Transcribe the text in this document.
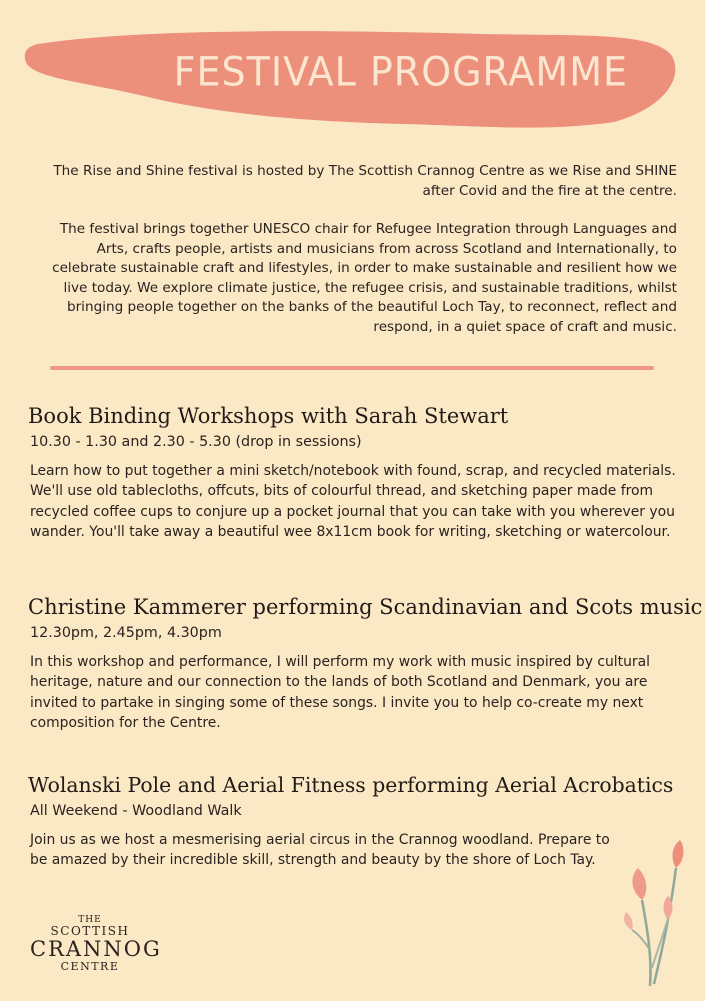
FESTIVAL PROGRAMME
The Rise and Shine festival is hosted by The Scottish Crannog Centre as we Rise and SHINE after Covid and the fire at the centre.
The festival brings together UNESCO chair for Refugee Integration through Languages and Arts, crafts people, artists and musicians from across Scotland and Internationally, to celebrate sustainable craft and lifestyles, in order to make sustainable and resilient how we live today. We explore climate justice, the refugee crisis, and sustainable traditions, whilst bringing people together on the banks of the beautiful Loch Tay, to reconnect, reflect and respond, in a quiet space of craft and music.
Book Binding Workshops with Sarah Stewart
10.30 - 1.30 and 2.30 - 5.30 (drop in sessions)
Learn how to put together a mini sketch/notebook with found, scrap, and recycled materials. We'll use old tablecloths, offcuts, bits of colourful thread, and sketching paper made from recycled coffee cups to conjure up a pocket journal that you can take with you wherever you wander. You'll take away a beautiful wee 8x11cm book for writing, sketching or watercolour.
Christine Kammerer performing Scandinavian and Scots music
12.30pm, 2.45pm, 4.30pm
In this workshop and performance, I will perform my work with music inspired by cultural heritage, nature and our connection to the lands of both Scotland and Denmark, you are invited to partake in singing some of these songs. I invite you to help co-create my next composition for the Centre.
Wolanski Pole and Aerial Fitness performing Aerial Acrobatics
All Weekend - Woodland Walk
Join us as we host a mesmerising aerial circus in the Crannog woodland. Prepare to be amazed by their incredible skill, strength and beauty by the shore of Loch Tay.
THE
SCOTTISH
CRANNOG
CENTRE
